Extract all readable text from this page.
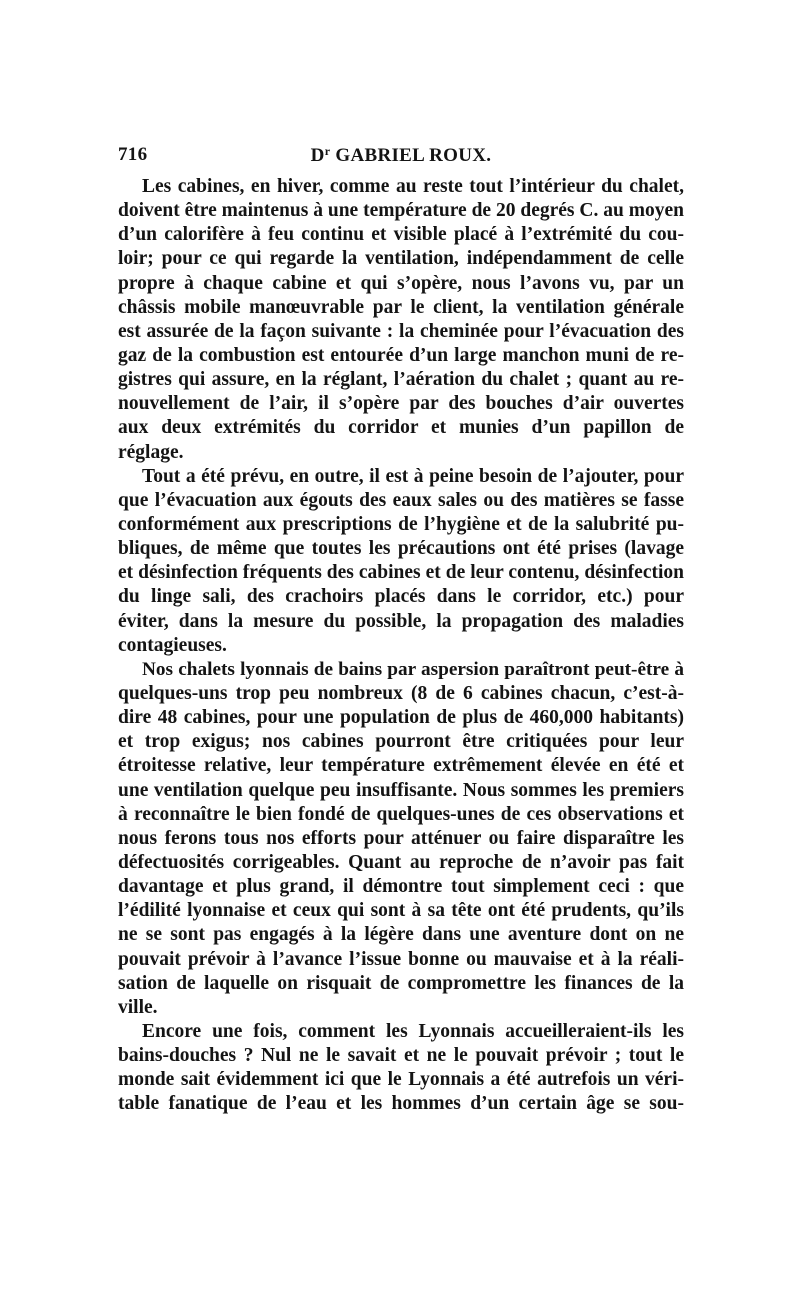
716	$D^r$ GABRIEL ROUX.
Les cabines, en hiver, comme au reste tout l’intérieur du chalet,
doivent être maintenus à une température de 20 degrés C. au moyen
d’un calorifère à feu continu et visible placé à l’extrémité du cou-
loir; pour ce qui regarde la ventilation, indépendamment de celle
propre à chaque cabine et qui s’opère, nous l’avons vu, par un
châssis mobile manœuvrable par le client, la ventilation générale
est assurée de la façon suivante : la cheminée pour l’évacuation des
gaz de la combustion est entourée d’un large manchon muni de re-
gistres qui assure, en la réglant, l’aération du chalet ; quant au re-
nouvellement de l’air, il s’opère par des bouches d’air ouvertes
aux deux extrémités du corridor et munies d’un papillon de
réglage.
Tout a été prévu, en outre, il est à peine besoin de l’ajouter, pour
que l’évacuation aux égouts des eaux sales ou des matières se fasse
conformément aux prescriptions de l’hygiène et de la salubrité pu-
bliques, de même que toutes les précautions ont été prises (lavage
et désinfection fréquents des cabines et de leur contenu, désinfection
du linge sali, des crachoirs placés dans le corridor, etc.) pour
éviter, dans la mesure du possible, la propagation des maladies
contagieuses.
Nos chalets lyonnais de bains par aspersion paraîtront peut-être à
quelques-uns trop peu nombreux (8 de 6 cabines chacun, c’est-à-
dire 48 cabines, pour une population de plus de 460,000 habitants)
et trop exigus; nos cabines pourront être critiquées pour leur
étroitesse relative, leur température extrêmement élevée en été et
une ventilation quelque peu insuffisante. Nous sommes les premiers
à reconnaître le bien fondé de quelques-unes de ces observations et
nous ferons tous nos efforts pour atténuer ou faire disparaître les
défectuosités corrigeables. Quant au reproche de n’avoir pas fait
davantage et plus grand, il démontre tout simplement ceci : que
l’édilité lyonnaise et ceux qui sont à sa tête ont été prudents, qu’ils
ne se sont pas engagés à la légère dans une aventure dont on ne
pouvait prévoir à l’avance l’issue bonne ou mauvaise et à la réali-
sation de laquelle on risquait de compromettre les finances de la
ville.
Encore une fois, comment les Lyonnais accueilleraient-ils les
bains-douches ? Nul ne le savait et ne le pouvait prévoir ; tout le
monde sait évidemment ici que le Lyonnais a été autrefois un véri-
table fanatique de l’eau et les hommes d’un certain âge se sou-
